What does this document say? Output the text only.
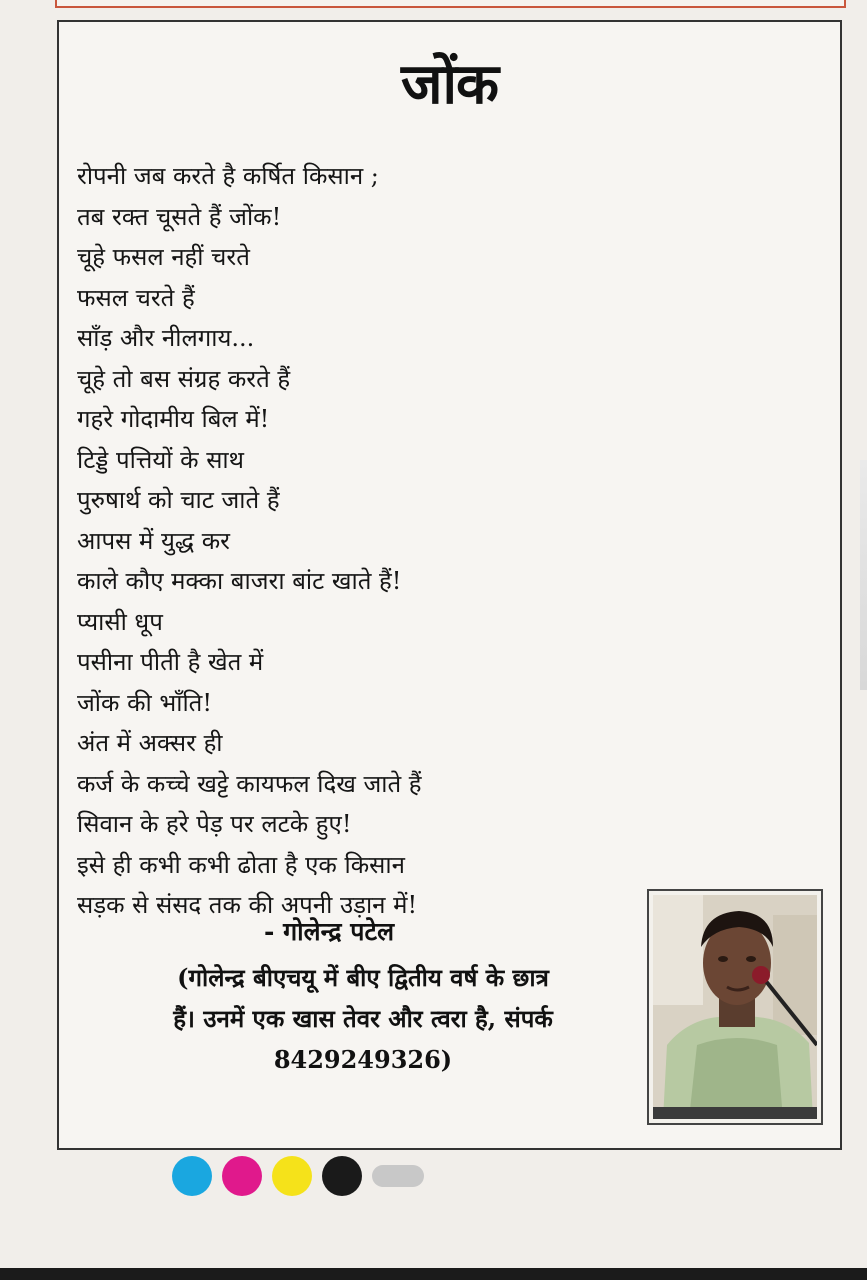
जोंक
रोपनी जब करते है कर्षित किसान ;
तब रक्त चूसते हैं जोंक!
चूहे फसल नहीं चरते
फसल चरते हैं
साँड़ और नीलगाय...
चूहे तो बस संग्रह करते हैं
गहरे गोदामीय बिल में!
टिड्डे पत्तियों के साथ
पुरुषार्थ को चाट जाते हैं
आपस में युद्ध कर
काले कौए मक्का बाजरा बांट खाते हैं!
प्यासी धूप
पसीना पीती है खेत में
जोंक की भाँति!
अंत में अक्सर ही
कर्ज के कच्चे खट्टे कायफल दिख जाते हैं
सिवान के हरे पेड़ पर लटके हुए!
इसे ही कभी कभी ढोता है एक किसान
सड़क से संसद तक की अपनी उड़ान में!
- गोलेन्द्र पटेल
(गोलेन्द्र बीएचयू में बीए द्वितीय वर्ष के छात्र
हैं। उनमें एक खास तेवर और त्वरा है, संपर्क
8429249326)
